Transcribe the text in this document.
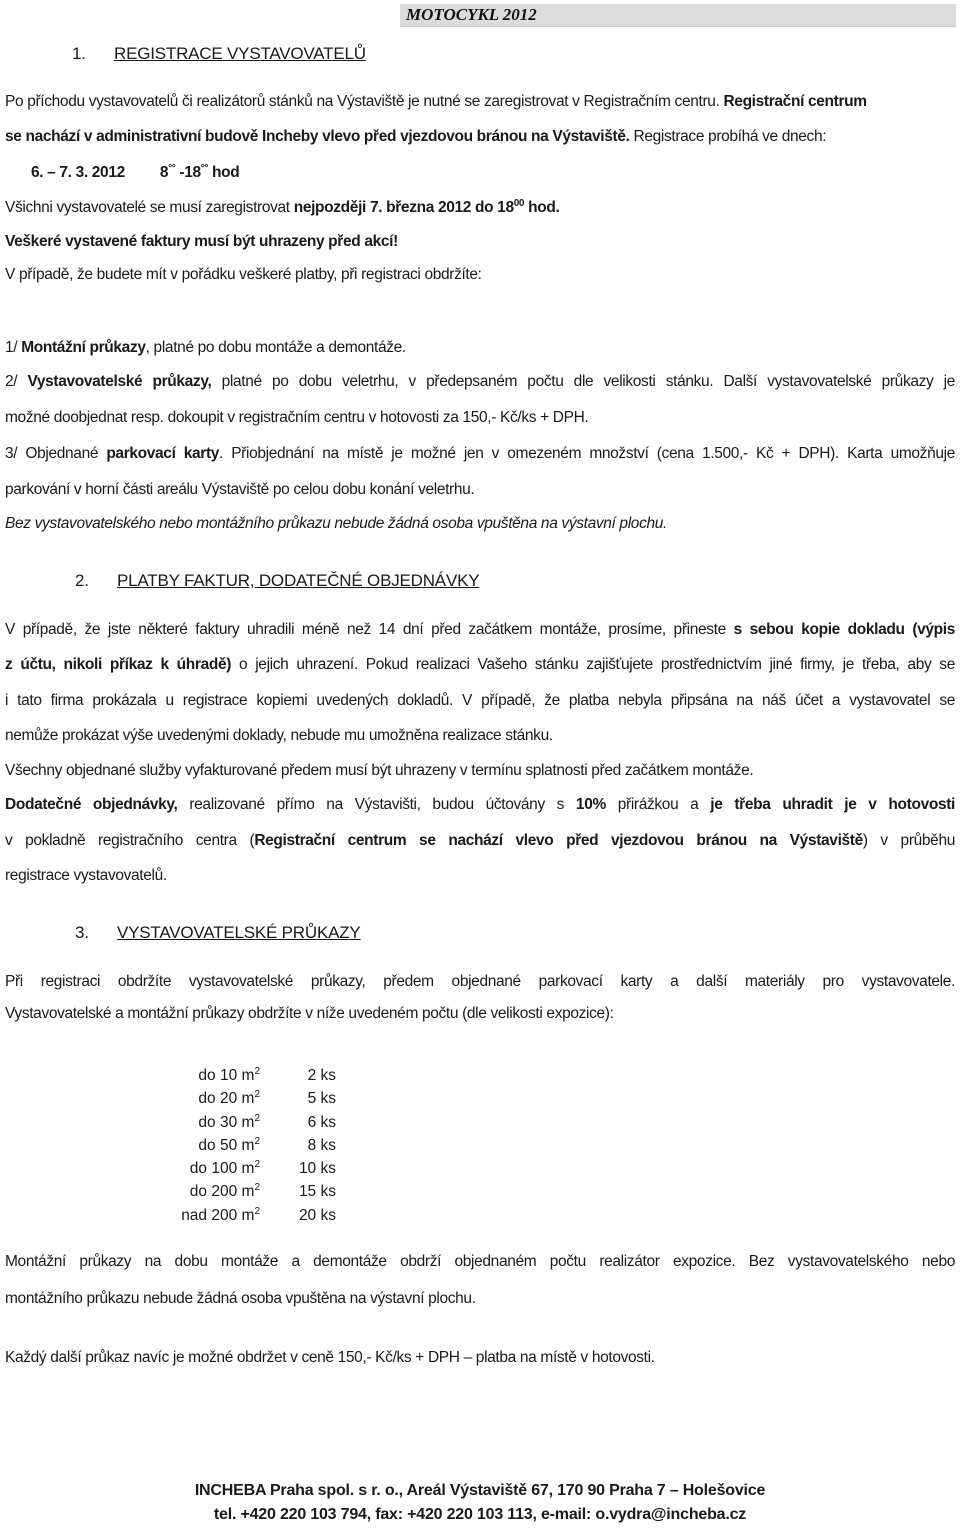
MOTOCYKL 2012
1. REGISTRACE VYSTAVOVATELŮ
Po příchodu vystavovatelů či realizátorů stánků na Výstaviště je nutné se zaregistrovat v Registračním centru. Registrační centrum
se nachází v administrativní budově Incheby vlevo před vjezdovou bránou na Výstaviště. Registrace probíhá ve dnech:
6. – 7. 3. 2012 8°° -18°° hod
Všichni vystavovatelé se musí zaregistrovat nejpozději 7. března 2012 do $18^{00}$ hod.
Veškeré vystavené faktury musí být uhrazeny před akcí!
V případě, že budete mít v pořádku veškeré platby, při registraci obdržíte:
1/ Montážní průkazy, platné po dobu montáže a demontáže.
2/ Vystavovatelské průkazy, platné po dobu veletrhu, v předepsaném počtu dle velikosti stánku. Další vystavovatelské průkazy je
možné doobjednat resp. dokoupit v registračním centru v hotovosti za 150,- Kč/ks + DPH.
3/ Objednané parkovací karty. Přiobjednání na místě je možné jen v omezeném množství (cena 1.500,- Kč + DPH). Karta umožňuje
parkování v horní části areálu Výstaviště po celou dobu konání veletrhu.
Bez vystavovatelského nebo montážního průkazu nebude žádná osoba vpuštěna na výstavní plochu.
2. PLATBY FAKTUR, DODATEČNÉ OBJEDNÁVKY
V případě, že jste některé faktury uhradili méně než 14 dní před začátkem montáže, prosíme, přineste s sebou kopie dokladu (výpis
z účtu, nikoli příkaz k úhradě) o jejich uhrazení. Pokud realizaci Vašeho stánku zajišťujete prostřednictvím jiné firmy, je třeba, aby se
i tato firma prokázala u registrace kopiemi uvedených dokladů. V případě, že platba nebyla připsána na náš účet a vystavovatel se
nemůže prokázat výše uvedenými doklady, nebude mu umožněna realizace stánku.
Všechny objednané služby vyfakturované předem musí být uhrazeny v termínu splatnosti před začátkem montáže.
Dodatečné objednávky, realizované přímo na Výstavišti, budou účtovány s 10% přirážkou a je třeba uhradit je v hotovosti
v pokladně registračního centra (Registrační centrum se nachází vlevo před vjezdovou bránou na Výstaviště) v průběhu
registrace vystavovatelů.
3. VYSTAVOVATELSKÉ PRŮKAZY
Při registraci obdržíte vystavovatelské průkazy, předem objednané parkovací karty a další materiály pro vystavovatele.
Vystavovatelské a montážní průkazy obdržíte v níže uvedeném počtu (dle velikosti expozice):
do 10 $m^2$	2 ks
do 20 $m^2$	5 ks
do 30 $m^2$	6 ks
do 50 $m^2$	8 ks
do 100 $m^2$	10 ks
do 200 $m^2$	15 ks
nad 200 $m^2$	20 ks
Montážní průkazy na dobu montáže a demontáže obdrží objednaném počtu realizátor expozice. Bez vystavovatelského nebo
montážního průkazu nebude žádná osoba vpuštěna na výstavní plochu.
Každý další průkaz navíc je možné obdržet v ceně 150,- Kč/ks + DPH – platba na místě v hotovosti.
INCHEBA Praha spol. s r. o., Areál Výstaviště 67, 170 90 Praha 7 – Holešovice
tel. +420 220 103 794, fax: +420 220 103 113, e-mail: o.vydra@incheba.cz
